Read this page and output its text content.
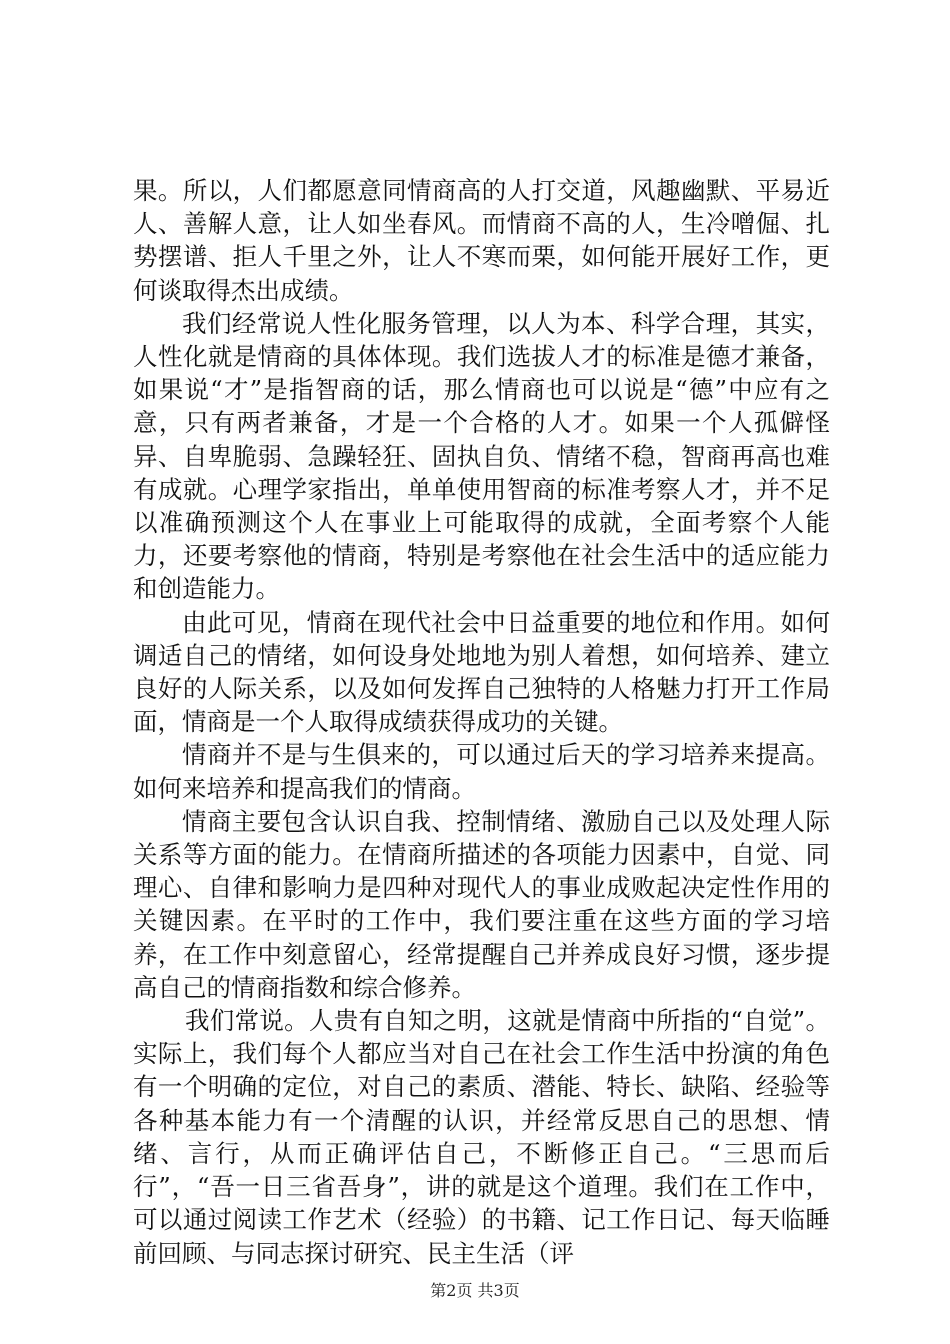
果。所以，人们都愿意同情商高的人打交道，风趣幽默、平易近人、善解人意，让人如坐春风。而情商不高的人，生冷噌倔、扎势摆谱、拒人千里之外，让人不寒而栗，如何能开展好工作，更何谈取得杰出成绩。

我们经常说人性化服务管理，以人为本、科学合理，其实，人性化就是情商的具体体现。我们选拔人才的标准是德才兼备，如果说“才”是指智商的话，那么情商也可以说是“德”中应有之意，只有两者兼备，才是一个合格的人才。如果一个人孤僻怪异、自卑脆弱、急躁轻狂、固执自负、情绪不稳，智商再高也难有成就。心理学家指出，单单使用智商的标准考察人才，并不足以准确预测这个人在事业上可能取得的成就，全面考察个人能力，还要考察他的情商，特别是考察他在社会生活中的适应能力和创造能力。

由此可见，情商在现代社会中日益重要的地位和作用。如何调适自己的情绪，如何设身处地地为别人着想，如何培养、建立良好的人际关系，以及如何发挥自己独特的人格魅力打开工作局面，情商是一个人取得成绩获得成功的关键。

情商并不是与生俱来的，可以通过后天的学习培养来提高。如何来培养和提高我们的情商。

情商主要包含认识自我、控制情绪、激励自己以及处理人际关系等方面的能力。在情商所描述的各项能力因素中，自觉、同理心、自律和影响力是四种对现代人的事业成败起决定性作用的关键因素。在平时的工作中，我们要注重在这些方面的学习培养，在工作中刻意留心，经常提醒自己并养成良好习惯，逐步提高自己的情商指数和综合修养。

我们常说。人贵有自知之明，这就是情商中所指的“自觉”。实际上，我们每个人都应当对自己在社会工作生活中扮演的角色有一个明确的定位，对自己的素质、潜能、特长、缺陷、经验等各种基本能力有一个清醒的认识，并经常反思自己的思想、情绪、言行，从而正确评估自己，不断修正自己。“三思而后行”，“吾一日三省吾身”，讲的就是这个道理。我们在工作中，可以通过阅读工作艺术（经验）的书籍、记工作日记、每天临睡前回顾、与同志探讨研究、民主生活（评

第2页 共3页
